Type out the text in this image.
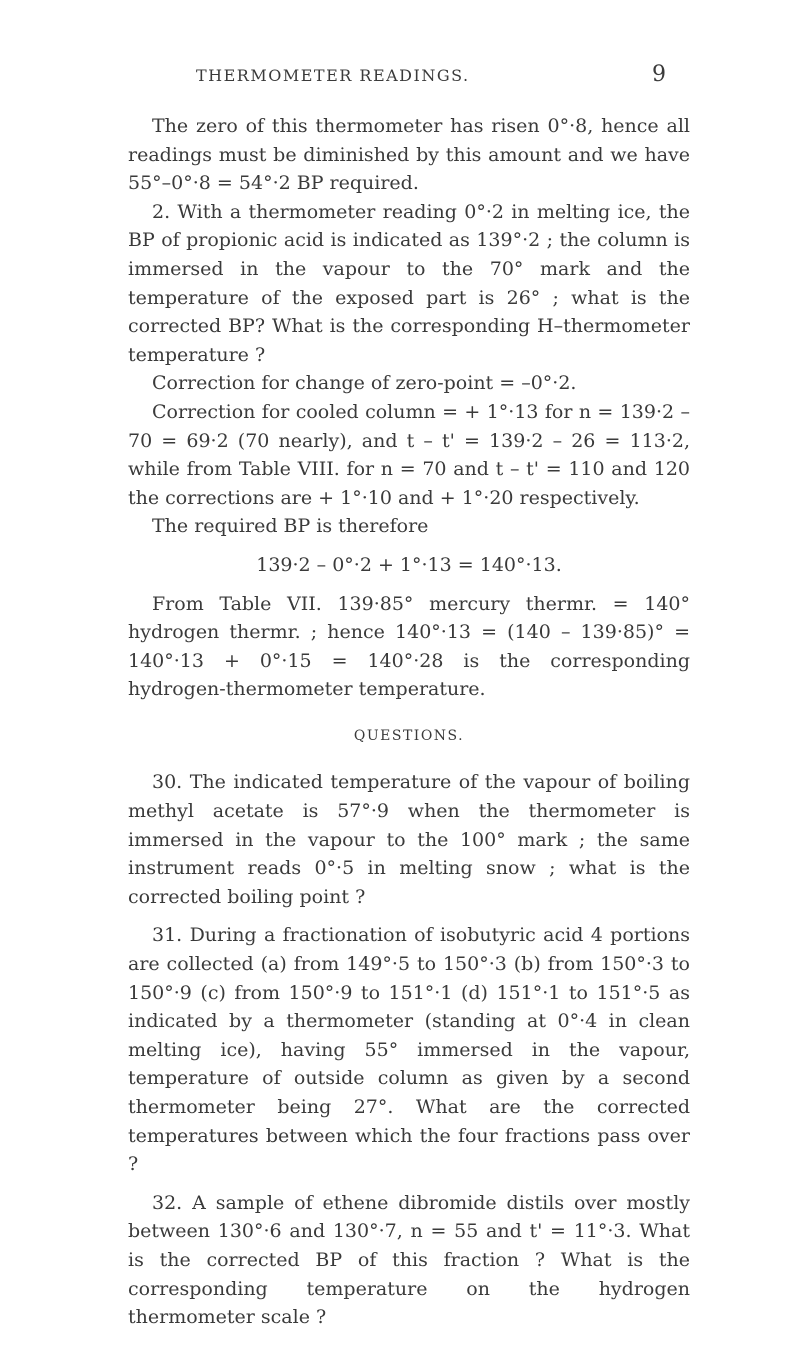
THERMOMETER READINGS.	9

The zero of this thermometer has risen 0°·8, hence all readings must be diminished by this amount and we have 55°–0°·8 = 54°·2 BP required.

2. With a thermometer reading 0°·2 in melting ice, the BP of propionic acid is indicated as 139°·2 ; the column is immersed in the vapour to the 70° mark and the temperature of the exposed part is 26° ; what is the corrected BP? What is the corresponding H–thermometer temperature ?

Correction for change of zero-point = –0°·2.

Correction for cooled column = + 1°·13 for n = 139·2 – 70 = 69·2 (70 nearly), and t – t' = 139·2 – 26 = 113·2, while from Table VIII. for n = 70 and t – t' = 110 and 120 the corrections are + 1°·10 and + 1°·20 respectively.

The required BP is therefore

139·2 – 0°·2 + 1°·13 = 140°·13.

From Table VII. 139·85° mercury thermr. = 140° hydrogen thermr. ; hence 140°·13 = (140 – 139·85)° = 140°·13 + 0°·15 = 140°·28 is the corresponding hydrogen-thermometer temperature.

QUESTIONS.

30. The indicated temperature of the vapour of boiling methyl acetate is 57°·9 when the thermometer is immersed in the vapour to the 100° mark ; the same instrument reads 0°·5 in melting snow ; what is the corrected boiling point ?

31. During a fractionation of isobutyric acid 4 portions are collected (a) from 149°·5 to 150°·3 (b) from 150°·3 to 150°·9 (c) from 150°·9 to 151°·1 (d) 151°·1 to 151°·5 as indicated by a thermometer (standing at 0°·4 in clean melting ice), having 55° immersed in the vapour, temperature of outside column as given by a second thermometer being 27°. What are the corrected temperatures between which the four fractions pass over ?

32. A sample of ethene dibromide distils over mostly between 130°·6 and 130°·7, n = 55 and t' = 11°·3. What is the corrected BP of this fraction ? What is the corresponding temperature on the hydrogen thermometer scale ?
